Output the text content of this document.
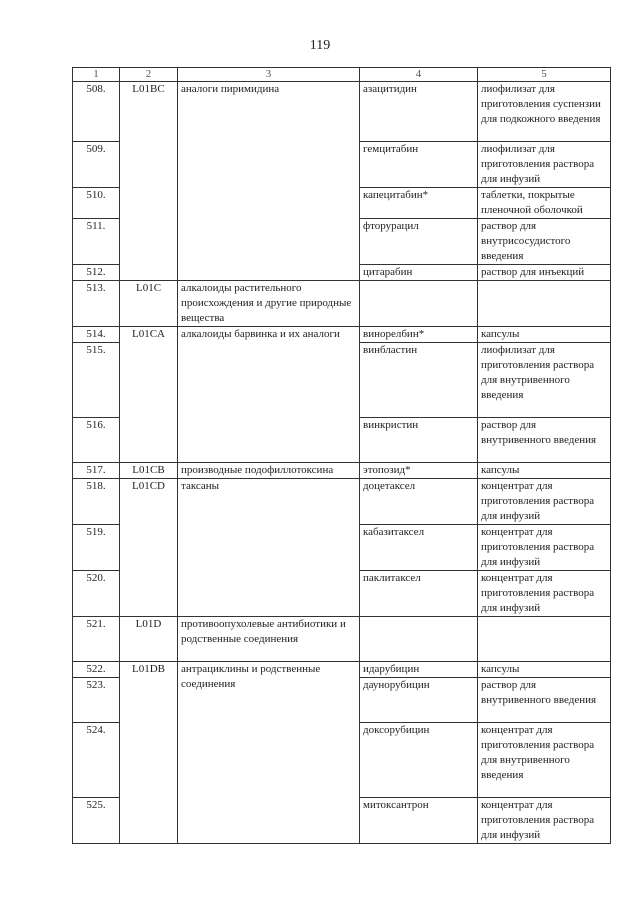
119
1	2	3	4	5
508.	L01BC	аналоги пиримидина	азацитидин	лиофилизат для приготовления суспензии для подкожного введения
509.			гемцитабин	лиофилизат для приготовления раствора для инфузий
510.			капецитабин*	таблетки, покрытые пленочной оболочкой
511.			фторурацил	раствор для внутрисосудистого введения
512.			цитарабин	раствор для инъекций
513.	L01C	алкалоиды растительного происхождения и другие природные вещества		
514.	L01CA	алкалоиды барвинка и их аналоги	винорелбин*	капсулы
515.			винбластин	лиофилизат для приготовления раствора для внутривенного введения
516.			винкристин	раствор для внутривенного введения
517.	L01CB	производные подофиллотоксина	этопозид*	капсулы
518.	L01CD	таксаны	доцетаксел	концентрат для приготовления раствора для инфузий
519.			кабазитаксел	концентрат для приготовления раствора для инфузий
520.			паклитаксел	концентрат для приготовления раствора для инфузий
521.	L01D	противоопухолевые антибиотики и родственные соединения		
522.	L01DB	антрациклины и родственные соединения	идарубицин	капсулы
523.			даунорубицин	раствор для внутривенного введения
524.			доксорубицин	концентрат для приготовления раствора для внутривенного введения
525.			митоксантрон	концентрат для приготовления раствора для инфузий
